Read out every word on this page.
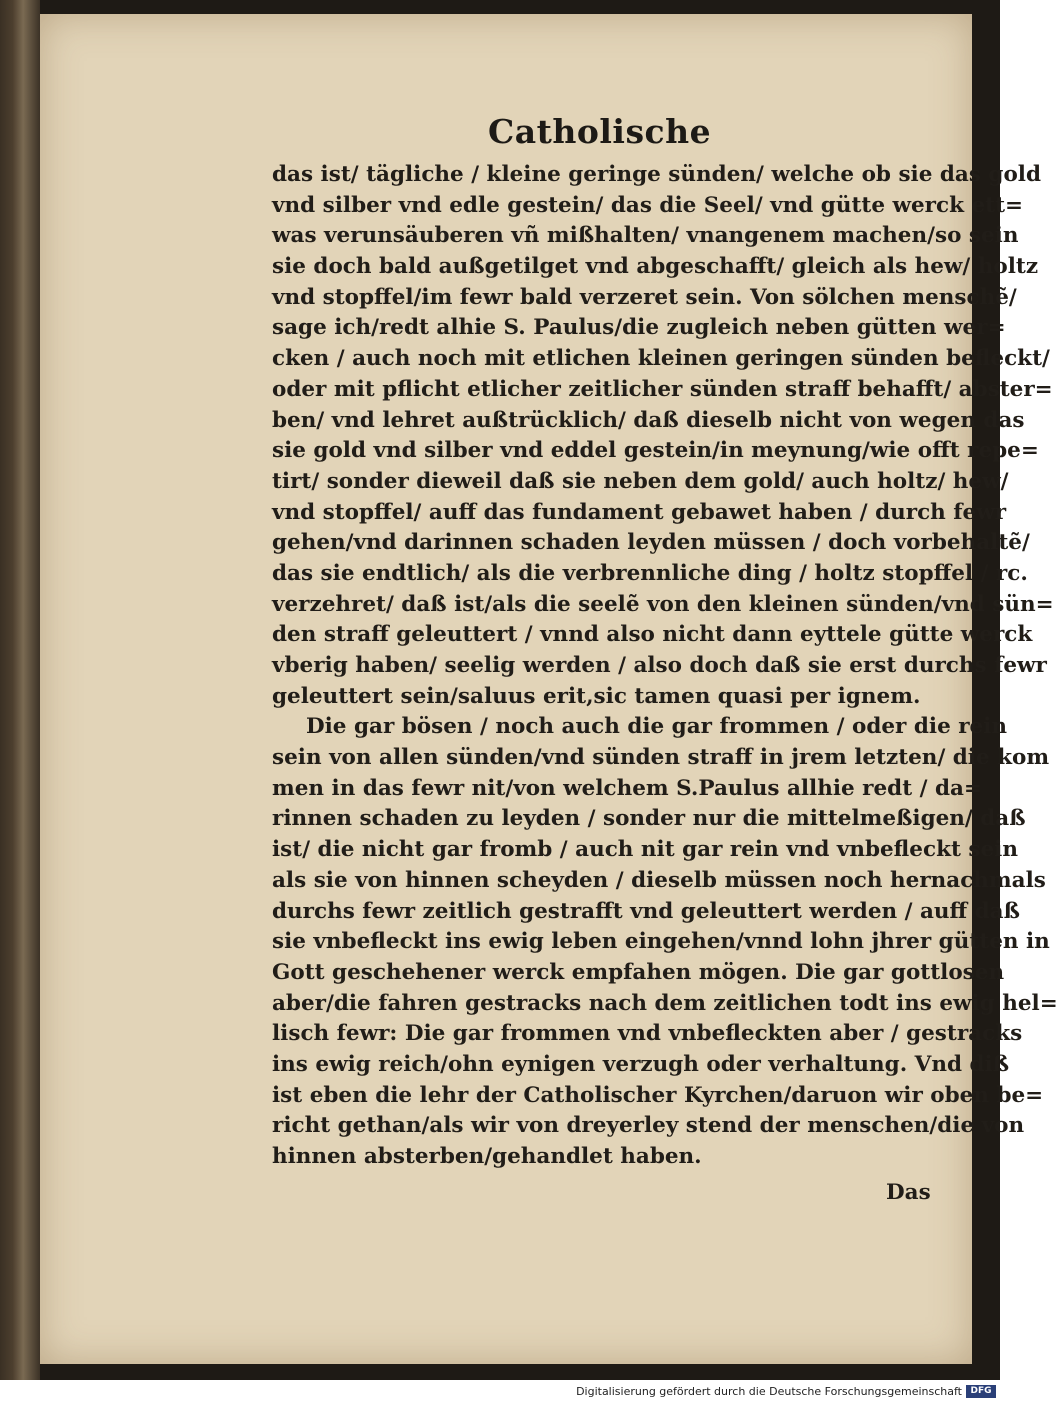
Catholische
das ist/ tägliche / kleine geringe sünden/ welche ob sie das gold
vnd silber vnd edle gestein/ das die Seel/ vnd gütte werck ett=
was verunsäuberen vñ mißhalten/ vnangenem machen/so sein
sie doch bald außgetilget vnd abgeschafft/ gleich als hew/ holtz
vnd stopffel/im fewr bald verzeret sein. Von sölchen menschẽ/
sage ich/redt alhie S. Paulus/die zugleich neben gütten wer=
cken / auch noch mit etlichen kleinen geringen sünden befleckt/
oder mit pflicht etlicher zeitlicher sünden straff behafft/ abster=
ben/ vnd lehret außtrücklich/ daß dieselb nicht von wegen das
sie gold vnd silber vnd eddel gestein/in meynung/wie offt repe=
tirt/ sonder dieweil daß sie neben dem gold/ auch holtz/ hew/
vnd stopffel/ auff das fundament gebawet haben / durch fewr
gehen/vnd darinnen schaden leyden müssen / doch vorbehaltẽ/
das sie endtlich/ als die verbrennliche ding / holtz stopffel / rc.
verzehret/ daß ist/als die seelẽ von den kleinen sünden/vnd sün=
den straff geleuttert / vnnd also nicht dann eyttele gütte werck
vberig haben/ seelig werden / also doch daß sie erst durchs fewr
geleuttert sein/saluus erit,sic tamen quasi per ignem.
Die gar bösen / noch auch die gar frommen / oder die rein
sein von allen sünden/vnd sünden straff in jrem letzten/ die kom
men in das fewr nit/von welchem S.Paulus allhie redt / da=
rinnen schaden zu leyden / sonder nur die mittelmeßigen/ daß
ist/ die nicht gar fromb / auch nit gar rein vnd vnbefleckt sein
als sie von hinnen scheyden / dieselb müssen noch hernachmals
durchs fewr zeitlich gestrafft vnd geleuttert werden / auff daß
sie vnbefleckt ins ewig leben eingehen/vnnd lohn jhrer gütten in
Gott geschehener werck empfahen mögen. Die gar gottlosen
aber/die fahren gestracks nach dem zeitlichen todt ins ewig hel=
lisch fewr: Die gar frommen vnd vnbefleckten aber / gestracks
ins ewig reich/ohn eynigen verzugh oder verhaltung. Vnd diß
ist eben die lehr der Catholischer Kyrchen/daruon wir oben be=
richt gethan/als wir von dreyerley stend der menschen/die von
hinnen absterben/gehandlet haben.
Das
Digitalisierung gefördert durch die Deutsche Forschungsgemeinschaft DFG
